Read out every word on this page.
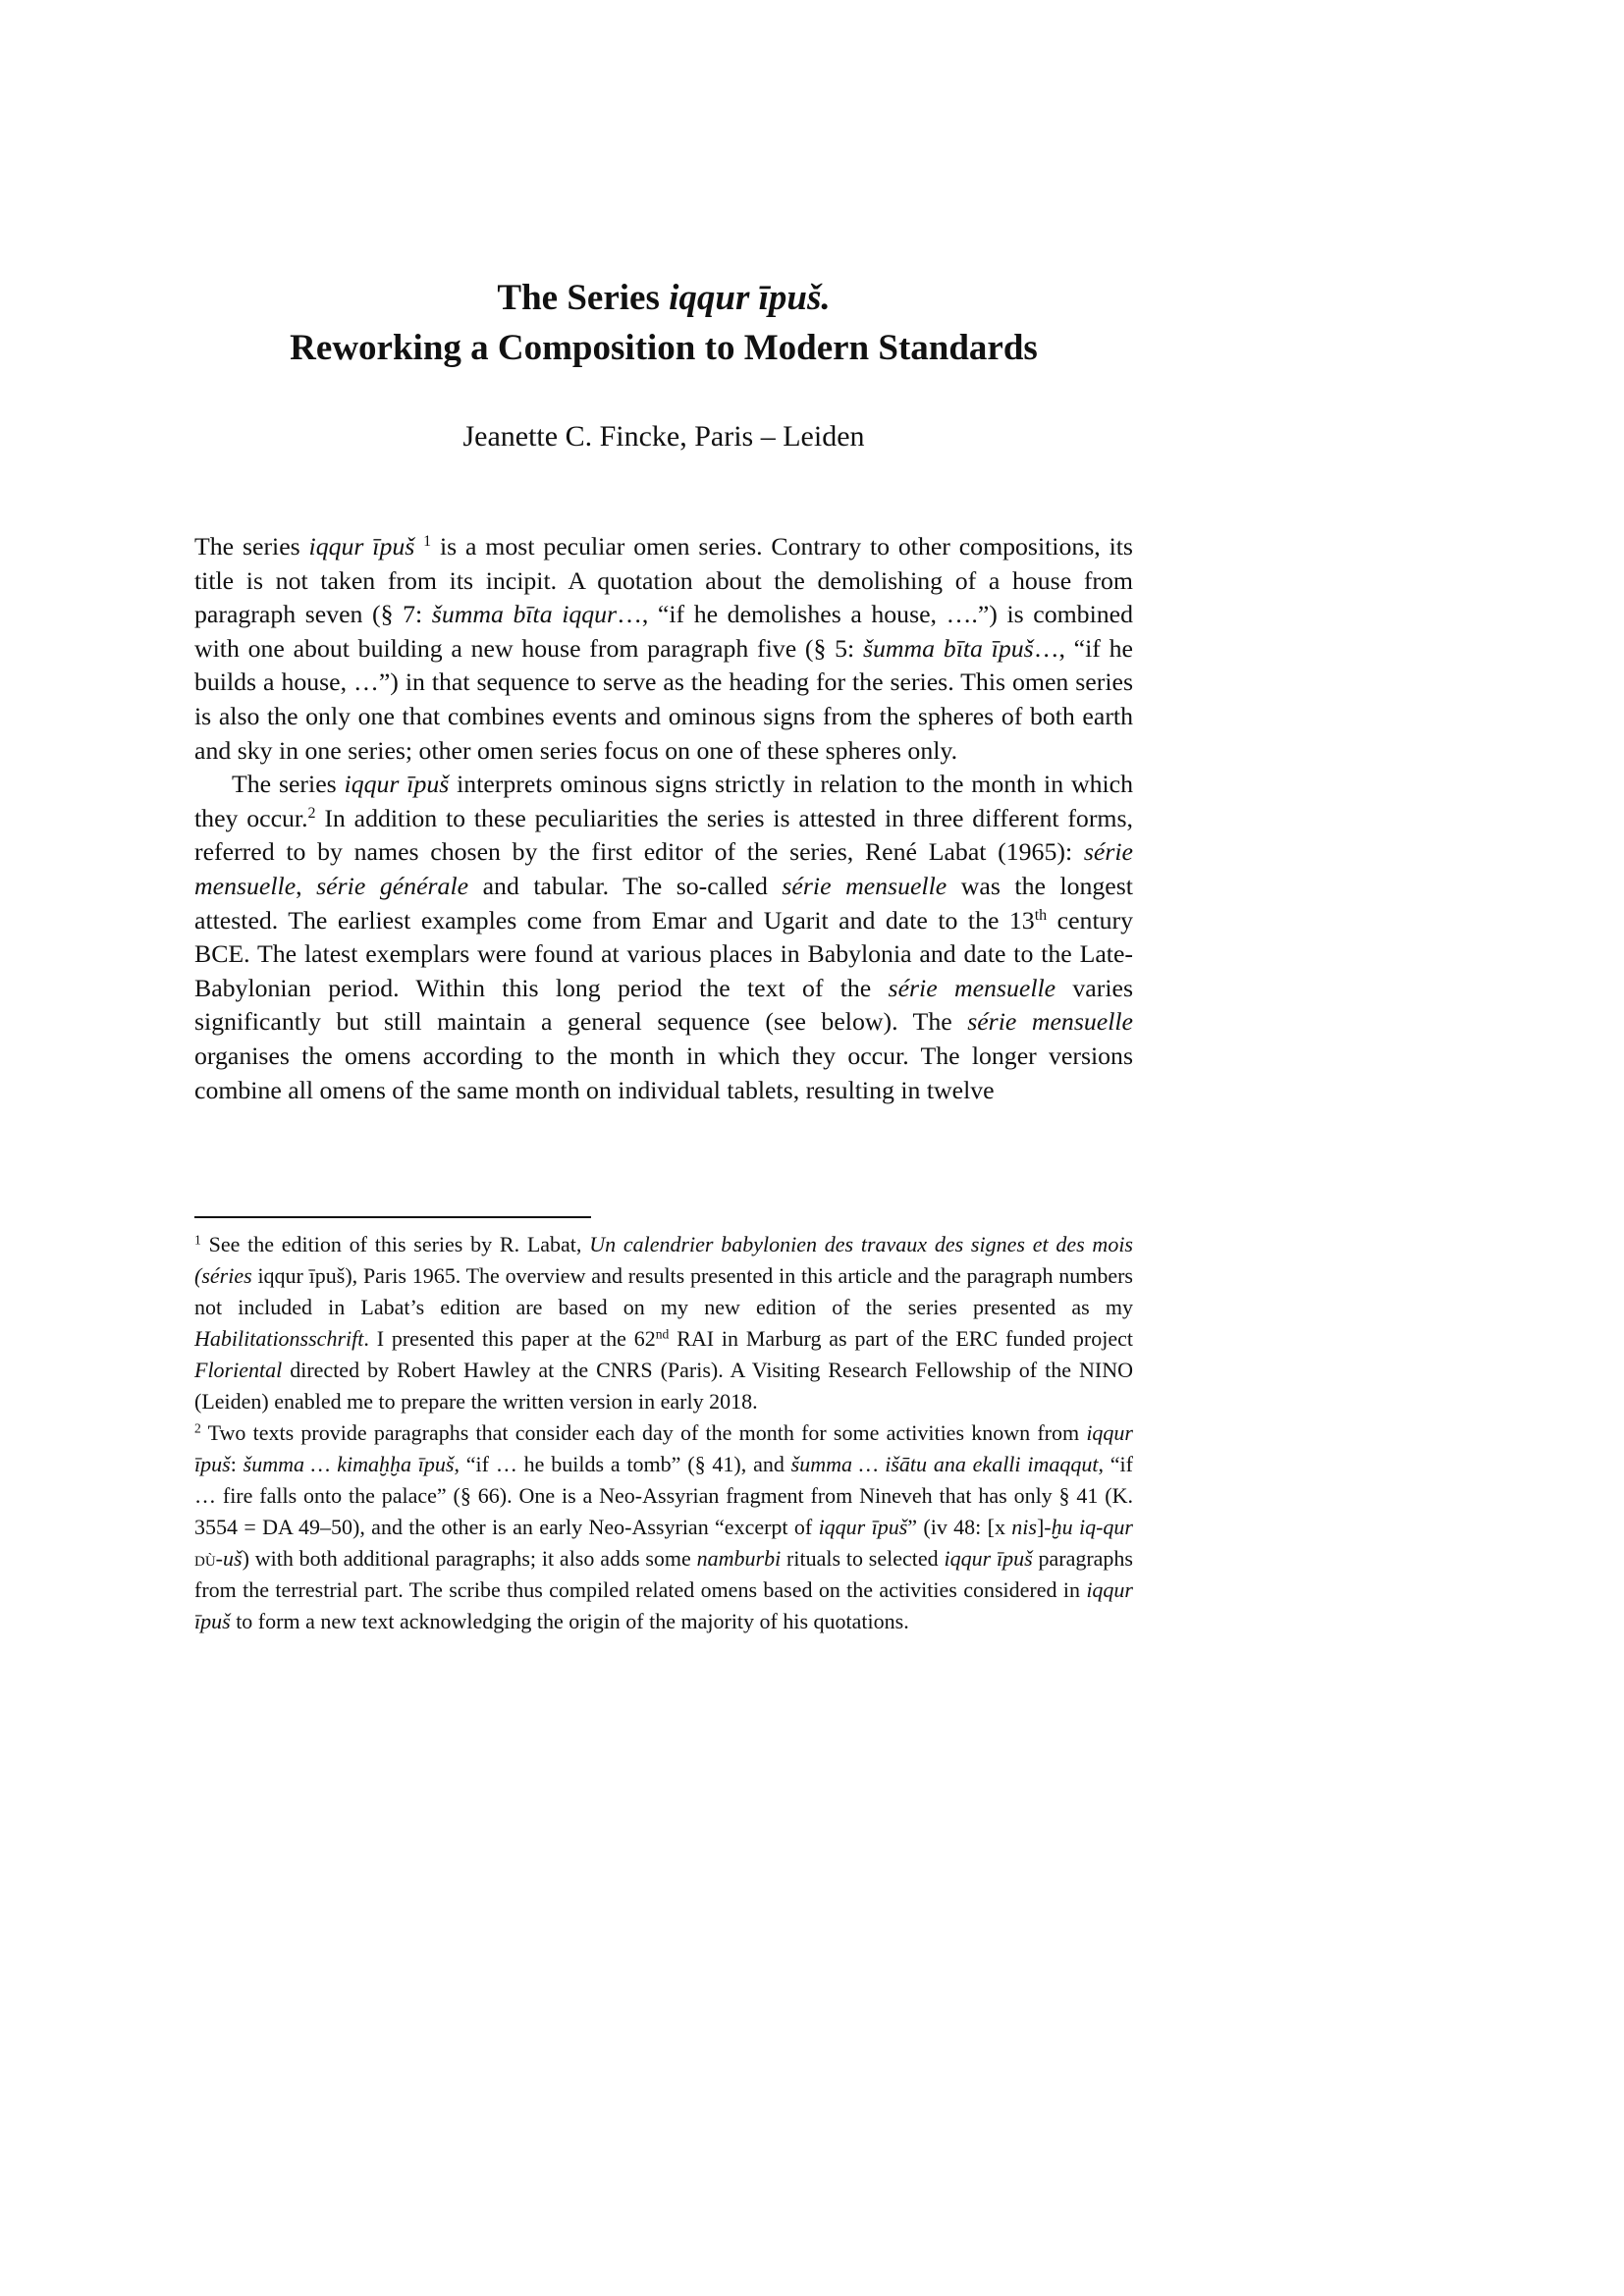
The Series iqqur īpuš.
Reworking a Composition to Modern Standards
Jeanette C. Fincke, Paris – Leiden

The series iqqur īpuš $^1$ is a most peculiar omen series. Contrary to other compositions, its title is not taken from its incipit. A quotation about the demolishing of a house from paragraph seven (§ 7: šumma bīta iqqur…, “if he demolishes a house, ….”) is combined with one about building a new house from paragraph five (§ 5: šumma bīta īpuš…, “if he builds a house, …”) in that sequence to serve as the heading for the series. This omen series is also the only one that combines events and ominous signs from the spheres of both earth and sky in one series; other omen series focus on one of these spheres only.

The series iqqur īpuš interprets ominous signs strictly in relation to the month in which they occur.$^2$ In addition to these peculiarities the series is attested in three different forms, referred to by names chosen by the first editor of the series, René Labat (1965): série mensuelle, série générale and tabular. The so-called série mensuelle was the longest attested. The earliest examples come from Emar and Ugarit and date to the 13th century BCE. The latest exemplars were found at various places in Babylonia and date to the Late-Babylonian period. Within this long period the text of the série mensuelle varies significantly but still maintain a general sequence (see below). The série mensuelle organises the omens according to the month in which they occur. The longer versions combine all omens of the same month on individual tablets, resulting in twelve

$^1$ See the edition of this series by R. Labat, Un calendrier babylonien des travaux des signes et des mois (séries iqqur īpuš), Paris 1965. The overview and results presented in this article and the paragraph numbers not included in Labat’s edition are based on my new edition of the series presented as my Habilitationsschrift. I presented this paper at the 62nd RAI in Marburg as part of the ERC funded project Floriental directed by Robert Hawley at the CNRS (Paris). A Visiting Research Fellowship of the NINO (Leiden) enabled me to prepare the written version in early 2018.

$^2$ Two texts provide paragraphs that consider each day of the month for some activities known from iqqur īpuš: šumma … kimaḫḫa īpuš, “if … he builds a tomb” (§ 41), and šumma … išātu ana ekalli imaqqut, “if … fire falls onto the palace” (§ 66). One is a Neo-Assyrian fragment from Nineveh that has only § 41 (K. 3554 = DA 49–50), and the other is an early Neo-Assyrian “excerpt of iqqur īpuš” (iv 48: [x nis]-ḫu iq-qur dù-uš) with both additional paragraphs; it also adds some namburbi rituals to selected iqqur īpuš paragraphs from the terrestrial part. The scribe thus compiled related omens based on the activities considered in iqqur īpuš to form a new text acknowledging the origin of the majority of his quotations.
